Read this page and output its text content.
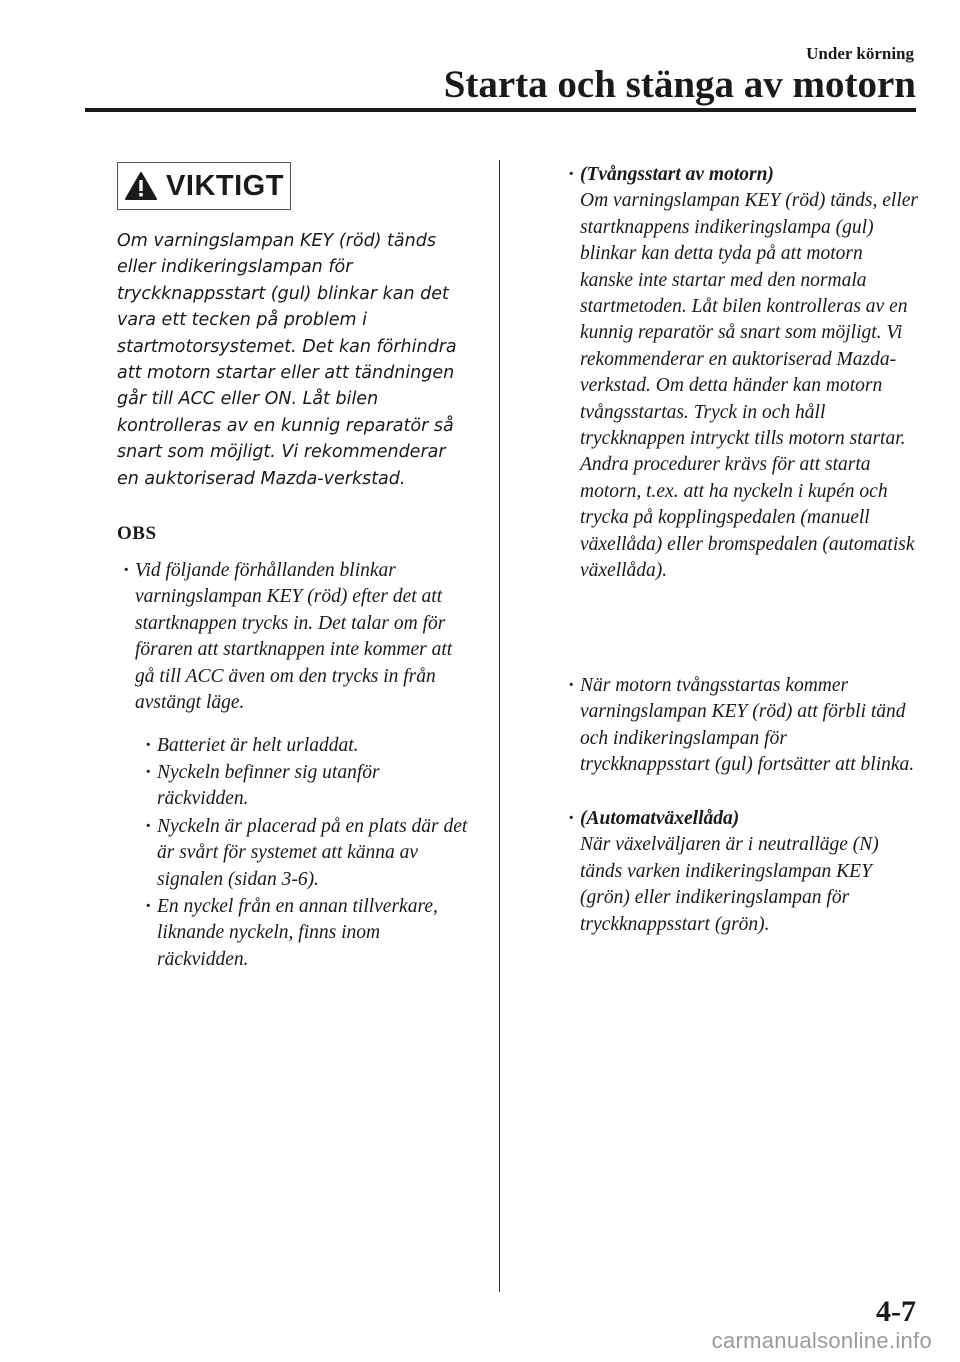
Under körning
Starta och stänga av motorn
VIKTIGT

Om varningslampan KEY (röd) tänds eller indikeringslampan för tryckknappsstart (gul) blinkar kan det vara ett tecken på problem i startmotorsystemet. Det kan förhindra att motorn startar eller att tändningen går till ACC eller ON. Låt bilen kontrolleras av en kunnig reparatör så snart som möjligt. Vi rekommenderar en auktoriserad Mazda-verkstad.

OBS

· Vid följande förhållanden blinkar varningslampan KEY (röd) efter det att startknappen trycks in. Det talar om för föraren att startknappen inte kommer att gå till ACC även om den trycks in från avstängt läge.
· Batteriet är helt urladdat.
· Nyckeln befinner sig utanför räckvidden.
· Nyckeln är placerad på en plats där det är svårt för systemet att känna av signalen (sidan 3-6).
· En nyckel från en annan tillverkare, liknande nyckeln, finns inom räckvidden.
· (Tvångsstart av motorn)
Om varningslampan KEY (röd) tänds, eller startknappens indikeringslampa (gul) blinkar kan detta tyda på att motorn kanske inte startar med den normala startmetoden. Låt bilen kontrolleras av en kunnig reparatör så snart som möjligt. Vi rekommenderar en auktoriserad Mazda-verkstad. Om detta händer kan motorn tvångsstartas. Tryck in och håll tryckknappen intryckt tills motorn startar. Andra procedurer krävs för att starta motorn, t.ex. att ha nyckeln i kupén och trycka på kopplingspedalen (manuell växellåda) eller bromspedalen (automatisk växellåda).
· När motorn tvångsstartas kommer varningslampan KEY (röd) att förbli tänd och indikeringslampan för tryckknappsstart (gul) fortsätter att blinka.
· (Automatväxellåda)
När växelväljaren är i neutralläge (N) tänds varken indikeringslampan KEY (grön) eller indikeringslampan för tryckknappsstart (grön).
4-7
carmanualsonline.info
